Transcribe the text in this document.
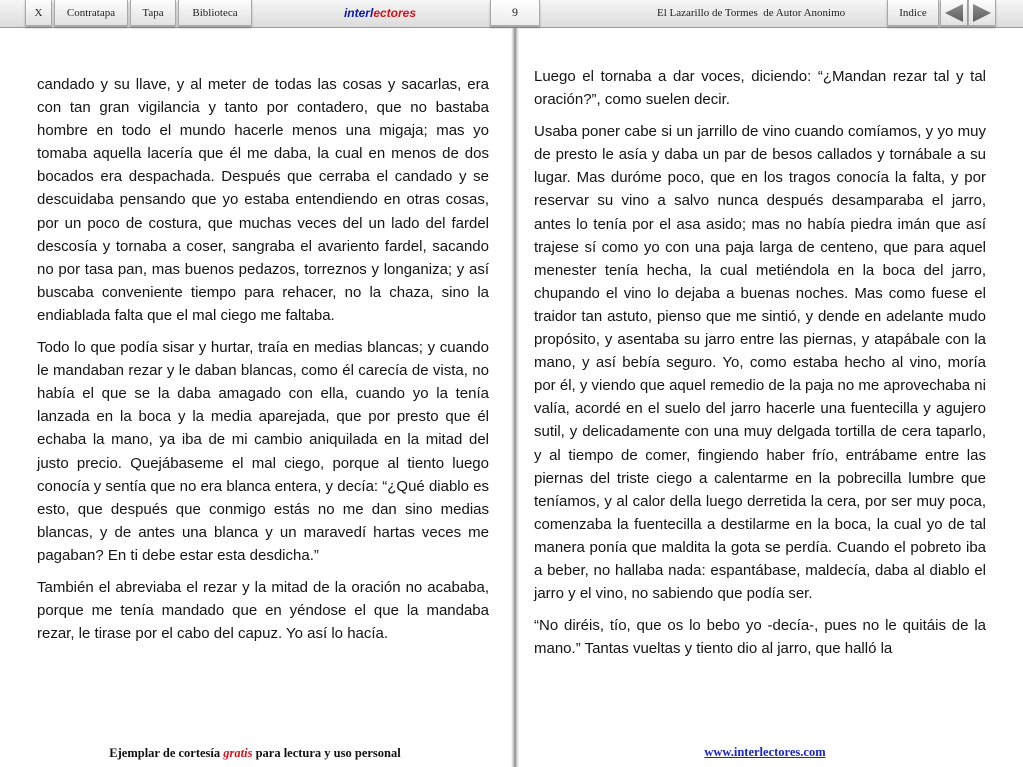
X	Contratapa	Tapa	Biblioteca	interl ectores	9	El Lazarillo de Tormes  de Autor Anonimo	Indice

candado y su llave, y al meter de todas las cosas y sacarlas, era con tan gran vigilancia y tanto por contadero, que no bastaba hombre en todo el mundo hacerle menos una migaja; mas yo tomaba aquella lacería que él me daba, la cual en menos de dos bocados era despachada. Después que cerraba el candado y se descuidaba pensando que yo estaba entendiendo en otras cosas, por un poco de costura, que muchas veces del un lado del fardel descosía y tornaba a coser, sangraba el avariento fardel, sacando no por tasa pan, mas buenos pedazos, torreznos y longaniza; y así buscaba conveniente tiempo para rehacer, no la chaza, sino la endiablada falta que el mal ciego me faltaba.

Todo lo que podía sisar y hurtar, traía en medias blancas; y cuando le mandaban rezar y le daban blancas, como él carecía de vista, no había el que se la daba amagado con ella, cuando yo la tenía lanzada en la boca y la media aparejada, que por presto que él echaba la mano, ya iba de mi cambio aniquilada en la mitad del justo precio. Quejábaseme el mal ciego, porque al tiento luego conocía y sentía que no era blanca entera, y decía: “¿Qué diablo es esto, que después que conmigo estás no me dan sino medias blancas, y de antes una blanca y un maravedí hartas veces me pagaban? En ti debe estar esta desdicha.”

También el abreviaba el rezar y la mitad de la oración no acababa, porque me tenía mandado que en yéndose el que la mandaba rezar, le tirase por el cabo del capuz. Yo así lo hacía.

Luego el tornaba a dar voces, diciendo: “¿Mandan rezar tal y tal oración?”, como suelen decir.

Usaba poner cabe si un jarrillo de vino cuando comíamos, y yo muy de presto le asía y daba un par de besos callados y tornábale a su lugar. Mas duróme poco, que en los tragos conocía la falta, y por reservar su vino a salvo nunca después desamparaba el jarro, antes lo tenía por el asa asido; mas no había piedra imán que así trajese sí como yo con una paja larga de centeno, que para aquel menester tenía hecha, la cual metiéndola en la boca del jarro, chupando el vino lo dejaba a buenas noches. Mas como fuese el traidor tan astuto, pienso que me sintió, y dende en adelante mudo propósito, y asentaba su jarro entre las piernas, y atapábale con la mano, y así bebía seguro. Yo, como estaba hecho al vino, moría por él, y viendo que aquel remedio de la paja no me aprovechaba ni valía, acordé en el suelo del jarro hacerle una fuentecilla y agujero sutil, y delicadamente con una muy delgada tortilla de cera taparlo, y al tiempo de comer, fingiendo haber frío, entrábame entre las piernas del triste ciego a calentarme en la pobrecilla lumbre que teníamos, y al calor della luego derretida la cera, por ser muy poca, comenzaba la fuentecilla a destilarme en la boca, la cual yo de tal manera ponía que maldita la gota se perdía. Cuando el pobreto iba a beber, no hallaba nada: espantábase, maldecía, daba al diablo el jarro y el vino, no sabiendo que podía ser.

“No diréis, tío, que os lo bebo yo -decía-, pues no le quitáis de la mano.” Tantas vueltas y tiento dio al jarro, que halló la

Ejemplar de cortesía gratis para lectura y uso personal	www.interlectores.com
